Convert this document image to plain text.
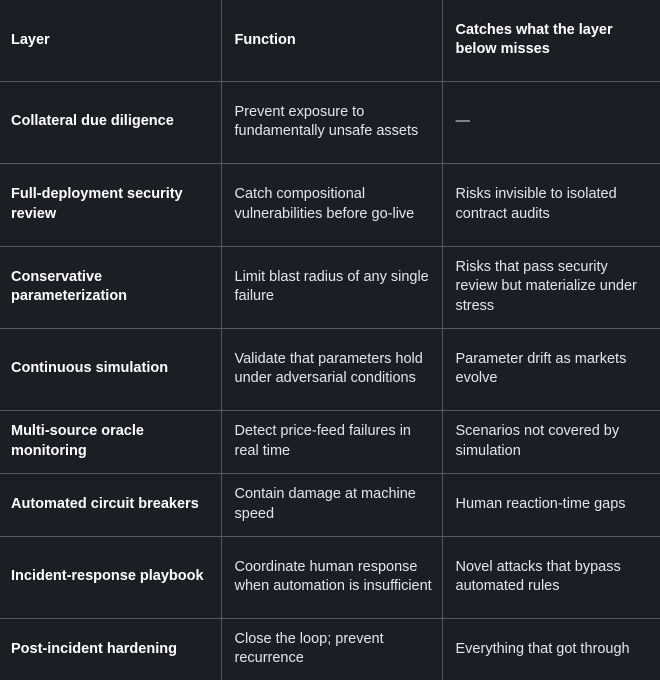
Layer	Function	Catches what the layer below misses
Collateral due diligence	Prevent exposure to fundamentally unsafe assets	—
Full-deployment security review	Catch compositional vulnerabilities before go-live	Risks invisible to isolated contract audits
Conservative parameterization	Limit blast radius of any single failure	Risks that pass security review but materialize under stress
Continuous simulation	Validate that parameters hold under adversarial conditions	Parameter drift as markets evolve
Multi-source oracle monitoring	Detect price-feed failures in real time	Scenarios not covered by simulation
Automated circuit breakers	Contain damage at machine speed	Human reaction-time gaps
Incident-response playbook	Coordinate human response when automation is insufficient	Novel attacks that bypass automated rules
Post-incident hardening	Close the loop; prevent recurrence	Everything that got through
